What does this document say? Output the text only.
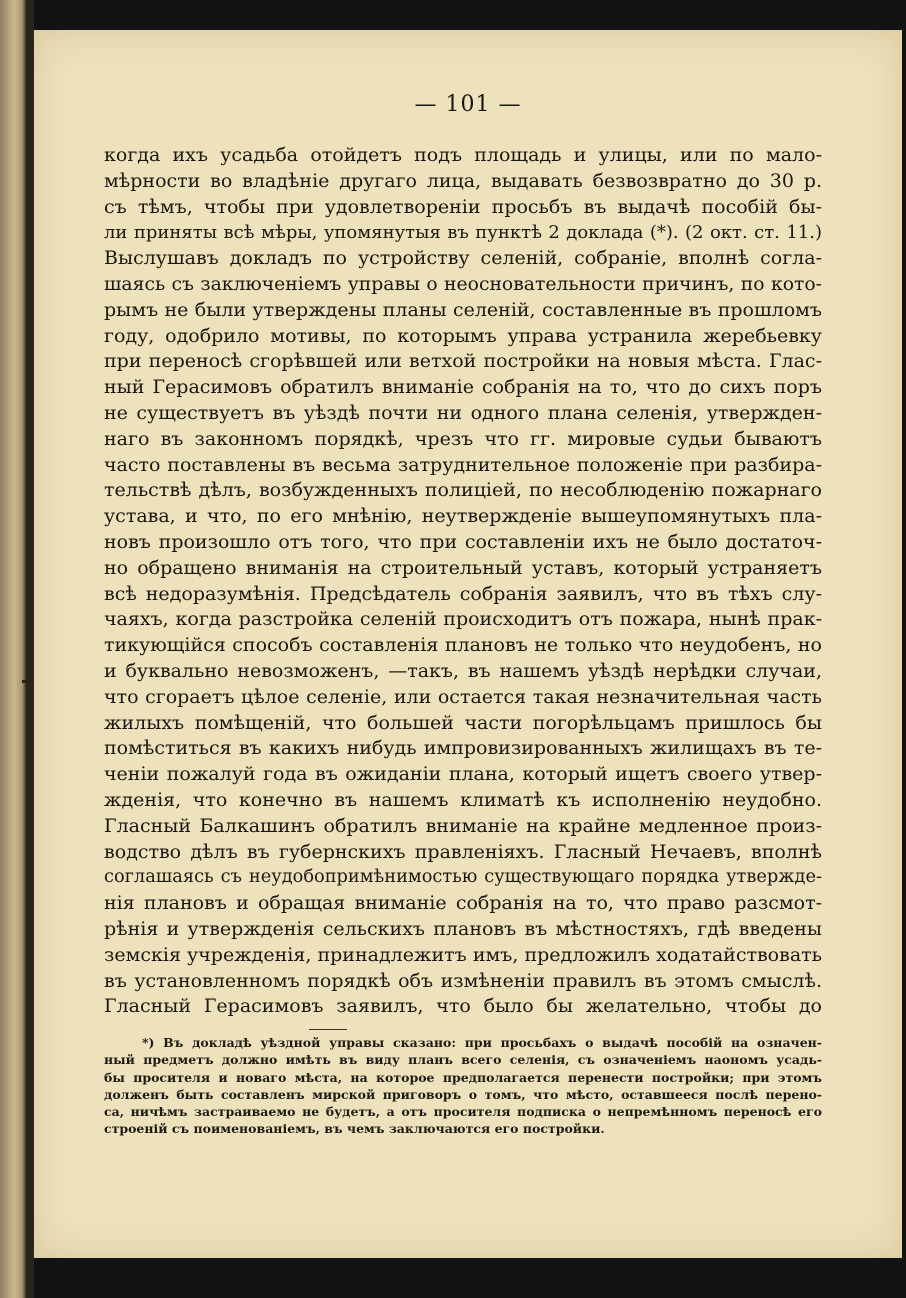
— 101 —
когда ихъ усадьба отойдетъ подъ площадь и улицы, или по мало-
мѣрности во владѣніе другаго лица, выдавать безвозвратно до 30 р.
съ тѣмъ, чтобы при удовлетвореніи просьбъ въ выдачѣ пособій бы-
ли приняты всѣ мѣры, упомянутыя въ пунктѣ 2 доклада (*). (2 окт. ст. 11.)
Выслушавъ докладъ по устройству селеній, собраніе, вполнѣ согла-
шаясь съ заключеніемъ управы о неосновательности причинъ, по кото-
рымъ не были утверждены планы селеній, составленные въ прошломъ
году, одобрило мотивы, по которымъ управа устранила жеребьевку
при переносѣ сгорѣвшей или ветхой постройки на новыя мѣста. Глас-
ный Герасимовъ обратилъ вниманіе собранія на то, что до сихъ поръ
не существуетъ въ уѣздѣ почти ни одного плана селенія, утвержден-
наго въ законномъ порядкѣ, чрезъ что гг. мировые судьи бываютъ
часто поставлены въ весьма затруднительное положеніе при разбира-
тельствѣ дѣлъ, возбужденныхъ полиціей, по несоблюденію пожарнаго
устава, и что, по его мнѣнію, неутвержденіе вышеупомянутыхъ пла-
новъ произошло отъ того, что при составленіи ихъ не было достаточ-
но обращено вниманія на строительный уставъ, который устраняетъ
всѣ недоразумѣнія. Предсѣдатель собранія заявилъ, что въ тѣхъ слу-
чаяхъ, когда разстройка селеній происходитъ отъ пожара, нынѣ прак-
тикующійся способъ составленія плановъ не только что неудобенъ, но
и буквально невозможенъ, —такъ, въ нашемъ уѣздѣ нерѣдки случаи,
что сгораетъ цѣлое селеніе, или остается такая незначительная часть
жилыхъ помѣщеній, что большей части погорѣльцамъ пришлось бы
помѣститься въ какихъ нибудь импровизированныхъ жилищахъ въ те-
ченіи пожалуй года въ ожиданіи плана, который ищетъ своего утвер-
жденія, что конечно въ нашемъ климатѣ къ исполненію неудобно.
Гласный Балкашинъ обратилъ вниманіе на крайне медленное произ-
водство дѣлъ въ губернскихъ правленіяхъ. Гласный Нечаевъ, вполнѣ
соглашаясь съ неудобопримѣнимостью существующаго порядка утвержде-
нія плановъ и обращая вниманіе собранія на то, что право разсмот-
рѣнія и утвержденія сельскихъ плановъ въ мѣстностяхъ, гдѣ введены
земскія учрежденія, принадлежитъ имъ, предложилъ ходатайствовать
въ установленномъ порядкѣ объ измѣненіи правилъ въ этомъ смыслѣ.
Гласный Герасимовъ заявилъ, что было бы желательно, чтобы до
*) Въ докладѣ уѣздной управы сказано: при просьбахъ о выдачѣ пособій на означен-
ный предметъ должно имѣть въ виду планъ всего селенія, съ означеніемъ наономъ усадь-
бы просителя и новаго мѣста, на которое предполагается перенести постройки; при этомъ
долженъ быть составленъ мирской приговоръ о томъ, что мѣсто, оставшееся послѣ перено-
са, ничѣмъ застраиваемо не будетъ, а отъ просителя подписка о непремѣнномъ переносѣ его
строеній съ поименованіемъ, въ чемъ заключаются его постройки.
